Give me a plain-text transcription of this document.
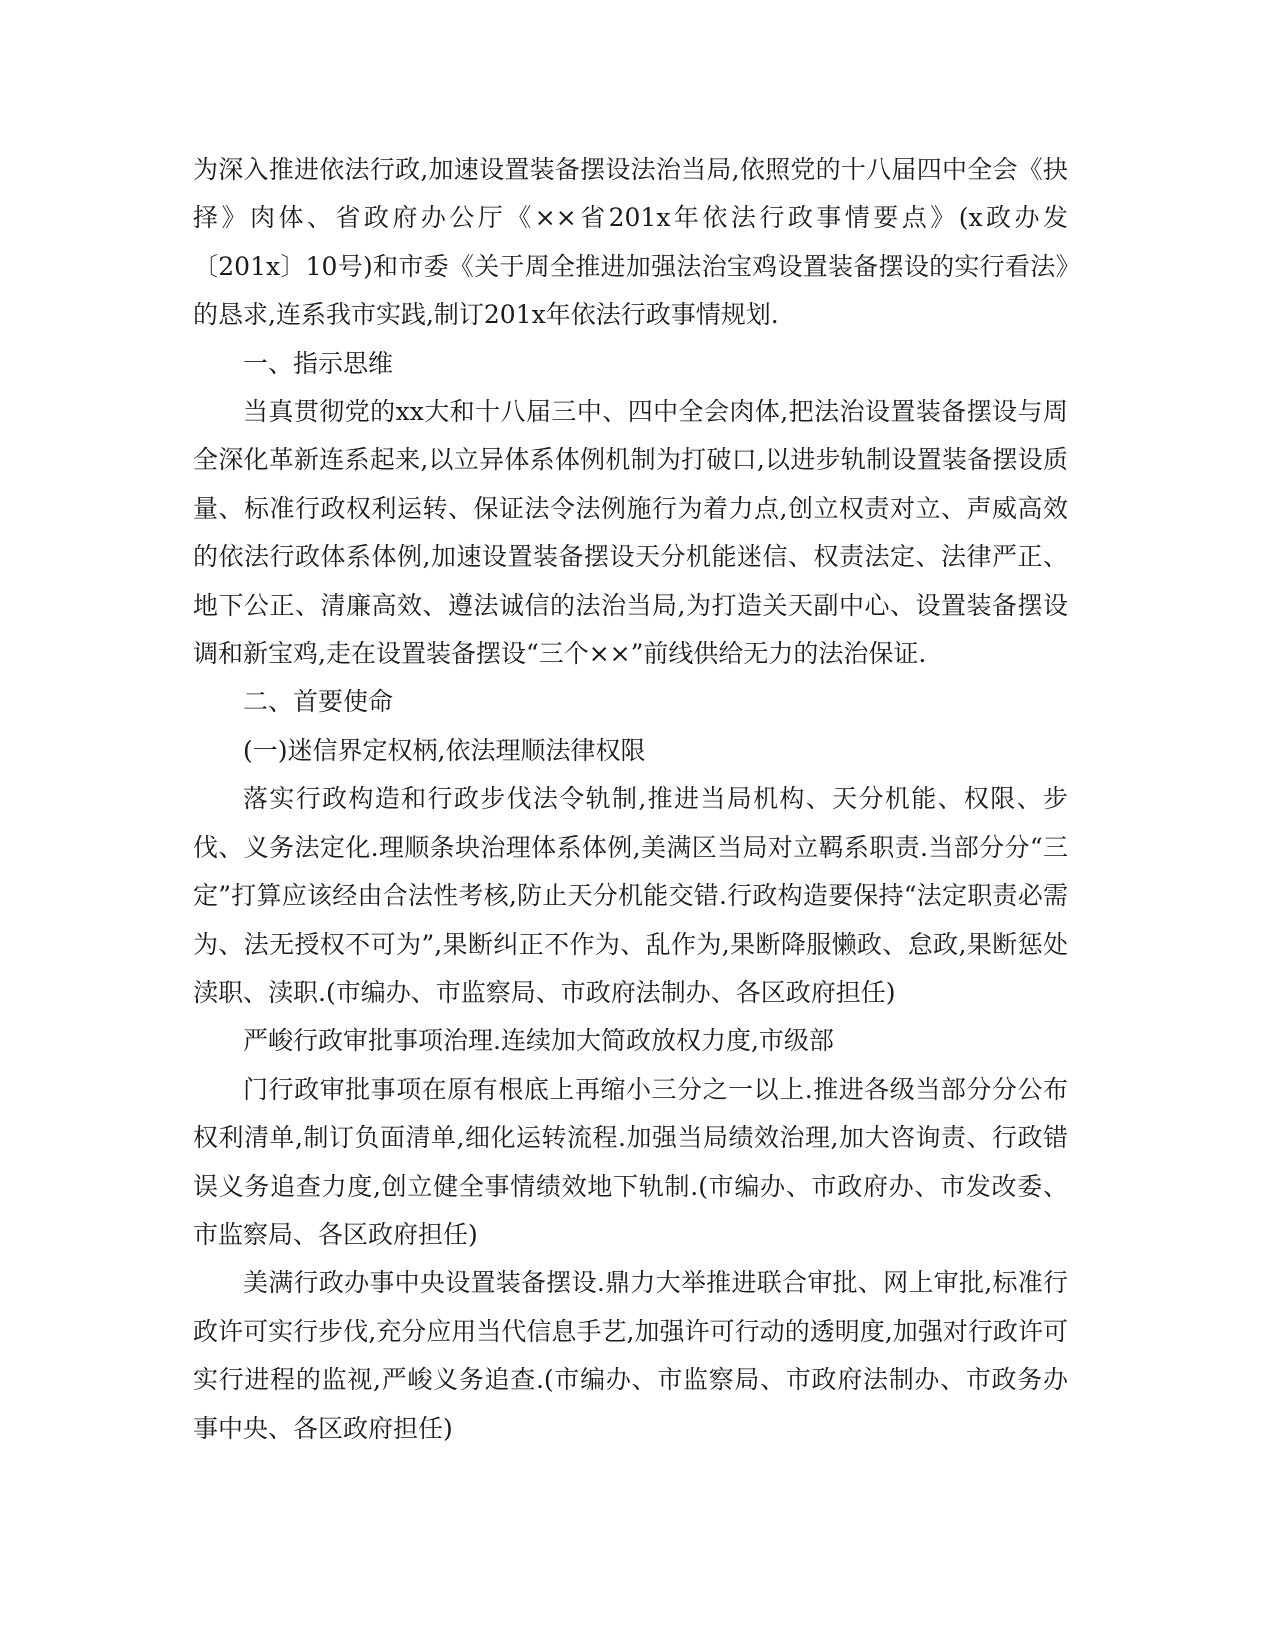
为深入推进依法行政,加速设置装备摆设法治当局,依照党的十八届四中全会《抉择》肉体、省政府办公厅《××省201x年依法行政事情要点》(x政办发〔201x〕10号)和市委《关于周全推进加强法治宝鸡设置装备摆设的实行看法》的恳求,连系我市实践,制订201x年依法行政事情规划.

一、指示思维

当真贯彻党的xx大和十八届三中、四中全会肉体,把法治设置装备摆设与周全深化革新连系起来,以立异体系体例机制为打破口,以进步轨制设置装备摆设质量、标准行政权利运转、保证法令法例施行为着力点,创立权责对立、声威高效的依法行政体系体例,加速设置装备摆设天分机能迷信、权责法定、法律严正、地下公正、清廉高效、遵法诚信的法治当局,为打造关天副中心、设置装备摆设调和新宝鸡,走在设置装备摆设“三个××”前线供给无力的法治保证.

二、首要使命

(一)迷信界定权柄,依法理顺法律权限

落实行政构造和行政步伐法令轨制,推进当局机构、天分机能、权限、步伐、义务法定化.理顺条块治理体系体例,美满区当局对立羁系职责.当部分分“三定”打算应该经由合法性考核,防止天分机能交错.行政构造要保持“法定职责必需为、法无授权不可为”,果断纠正不作为、乱作为,果断降服懒政、怠政,果断惩处渎职、渎职.(市编办、市监察局、市政府法制办、各区政府担任)

严峻行政审批事项治理.连续加大简政放权力度,市级部

门行政审批事项在原有根底上再缩小三分之一以上.推进各级当部分分公布权利清单,制订负面清单,细化运转流程.加强当局绩效治理,加大咨询责、行政错误义务追查力度,创立健全事情绩效地下轨制.(市编办、市政府办、市发改委、市监察局、各区政府担任)

美满行政办事中央设置装备摆设.鼎力大举推进联合审批、网上审批,标准行政许可实行步伐,充分应用当代信息手艺,加强许可行动的透明度,加强对行政许可实行进程的监视,严峻义务追查.(市编办、市监察局、市政府法制办、市政务办事中央、各区政府担任)
